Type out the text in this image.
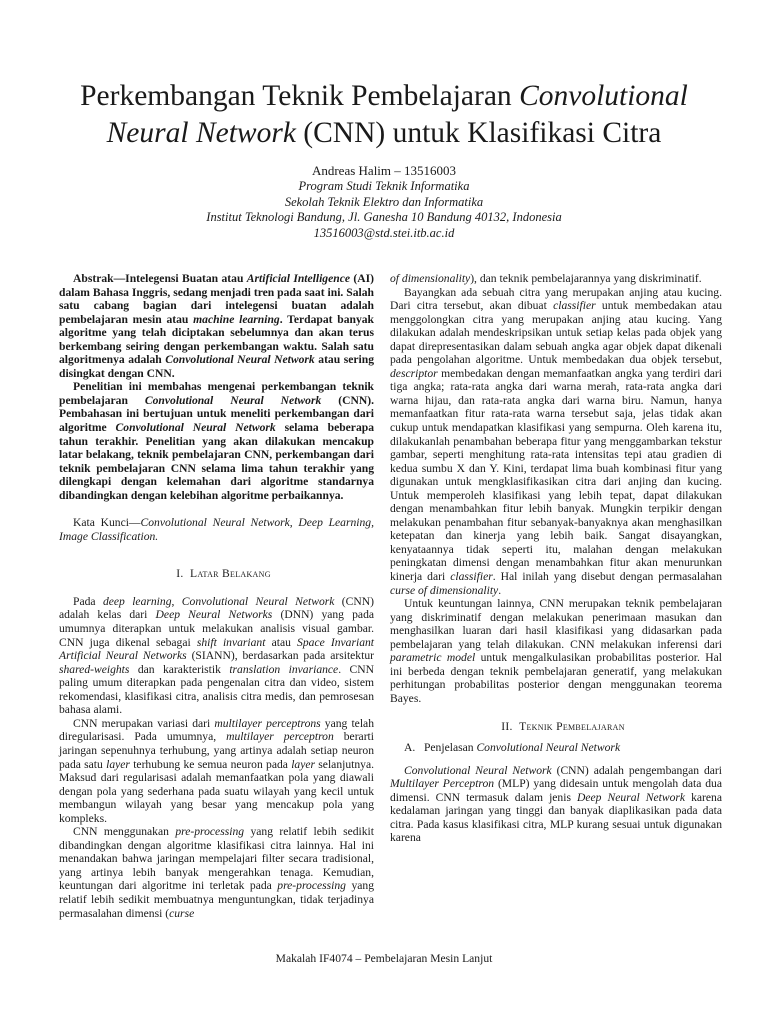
Perkembangan Teknik Pembelajaran Convolutional
Neural Network (CNN) untuk Klasifikasi Citra
Andreas Halim – 13516003
Program Studi Teknik Informatika
Sekolah Teknik Elektro dan Informatika
Institut Teknologi Bandung, Jl. Ganesha 10 Bandung 40132, Indonesia
13516003@std.stei.itb.ac.id

Abstrak—Intelegensi Buatan atau Artificial Intelligence (AI) dalam Bahasa Inggris, sedang menjadi tren pada saat ini. Salah satu cabang bagian dari intelegensi buatan adalah pembelajaran mesin atau machine learning. Terdapat banyak algoritme yang telah diciptakan sebelumnya dan akan terus berkembang seiring dengan perkembangan waktu. Salah satu algoritmenya adalah Convolutional Neural Network atau sering disingkat dengan CNN.

Penelitian ini membahas mengenai perkembangan teknik pembelajaran Convolutional Neural Network (CNN). Pembahasan ini bertujuan untuk meneliti perkembangan dari algoritme Convolutional Neural Network selama beberapa tahun terakhir. Penelitian yang akan dilakukan mencakup latar belakang, teknik pembelajaran CNN, perkembangan dari teknik pembelajaran CNN selama lima tahun terakhir yang dilengkapi dengan kelemahan dari algoritme standarnya dibandingkan dengan kelebihan algoritme perbaikannya.

Kata Kunci—Convolutional Neural Network, Deep Learning, Image Classification.

I.  Latar Belakang

Pada deep learning, Convolutional Neural Network (CNN) adalah kelas dari Deep Neural Networks (DNN) yang pada umumnya diterapkan untuk melakukan analisis visual gambar. CNN juga dikenal sebagai shift invariant atau Space Invariant Artificial Neural Networks (SIANN), berdasarkan pada arsitektur shared-weights dan karakteristik translation invariance. CNN paling umum diterapkan pada pengenalan citra dan video, sistem rekomendasi, klasifikasi citra, analisis citra medis, dan pemrosesan bahasa alami.

CNN merupakan variasi dari multilayer perceptrons yang telah diregularisasi. Pada umumnya, multilayer perceptron berarti jaringan sepenuhnya terhubung, yang artinya adalah setiap neuron pada satu layer terhubung ke semua neuron pada layer selanjutnya. Maksud dari regularisasi adalah memanfaatkan pola yang diawali dengan pola yang sederhana pada suatu wilayah yang kecil untuk membangun wilayah yang besar yang mencakup pola yang kompleks.

CNN menggunakan pre-processing yang relatif lebih sedikit dibandingkan dengan algoritme klasifikasi citra lainnya. Hal ini menandakan bahwa jaringan mempelajari filter secara tradisional, yang artinya lebih banyak mengerahkan tenaga. Kemudian, keuntungan dari algoritme ini terletak pada pre-processing yang relatif lebih sedikit membuatnya menguntungkan, tidak terjadinya permasalahan dimensi (curse

of dimensionality), dan teknik pembelajarannya yang diskriminatif.

Bayangkan ada sebuah citra yang merupakan anjing atau kucing. Dari citra tersebut, akan dibuat classifier untuk membedakan atau menggolongkan citra yang merupakan anjing atau kucing. Yang dilakukan adalah mendeskripsikan untuk setiap kelas pada objek yang dapat direpresentasikan dalam sebuah angka agar objek dapat dikenali pada pengolahan algoritme. Untuk membedakan dua objek tersebut, descriptor membedakan dengan memanfaatkan angka yang terdiri dari tiga angka; rata-rata angka dari warna merah, rata-rata angka dari warna hijau, dan rata-rata angka dari warna biru. Namun, hanya memanfaatkan fitur rata-rata warna tersebut saja, jelas tidak akan cukup untuk mendapatkan klasifikasi yang sempurna. Oleh karena itu, dilakukanlah penambahan beberapa fitur yang menggambarkan tekstur gambar, seperti menghitung rata-rata intensitas tepi atau gradien di kedua sumbu X dan Y. Kini, terdapat lima buah kombinasi fitur yang digunakan untuk mengklasifikasikan citra dari anjing dan kucing. Untuk memperoleh klasifikasi yang lebih tepat, dapat dilakukan dengan menambahkan fitur lebih banyak. Mungkin terpikir dengan melakukan penambahan fitur sebanyak-banyaknya akan menghasilkan ketepatan dan kinerja yang lebih baik. Sangat disayangkan, kenyataannya tidak seperti itu, malahan dengan melakukan peningkatan dimensi dengan menambahkan fitur akan menurunkan kinerja dari classifier. Hal inilah yang disebut dengan permasalahan curse of dimensionality.

Untuk keuntungan lainnya, CNN merupakan teknik pembelajaran yang diskriminatif dengan melakukan penerimaan masukan dan menghasilkan luaran dari hasil klasifikasi yang didasarkan pada pembelajaran yang telah dilakukan. CNN melakukan inferensi dari parametric model untuk mengalkulasikan probabilitas posterior. Hal ini berbeda dengan teknik pembelajaran generatif, yang melakukan perhitungan probabilitas posterior dengan menggunakan teorema Bayes.

II.  Teknik Pembelajaran

A.   Penjelasan Convolutional Neural Network

Convolutional Neural Network (CNN) adalah pengembangan dari Multilayer Perceptron (MLP) yang didesain untuk mengolah data dua dimensi. CNN termasuk dalam jenis Deep Neural Network karena kedalaman jaringan yang tinggi dan banyak diaplikasikan pada data citra. Pada kasus klasifikasi citra, MLP kurang sesuai untuk digunakan karena

Makalah IF4074 – Pembelajaran Mesin Lanjut
